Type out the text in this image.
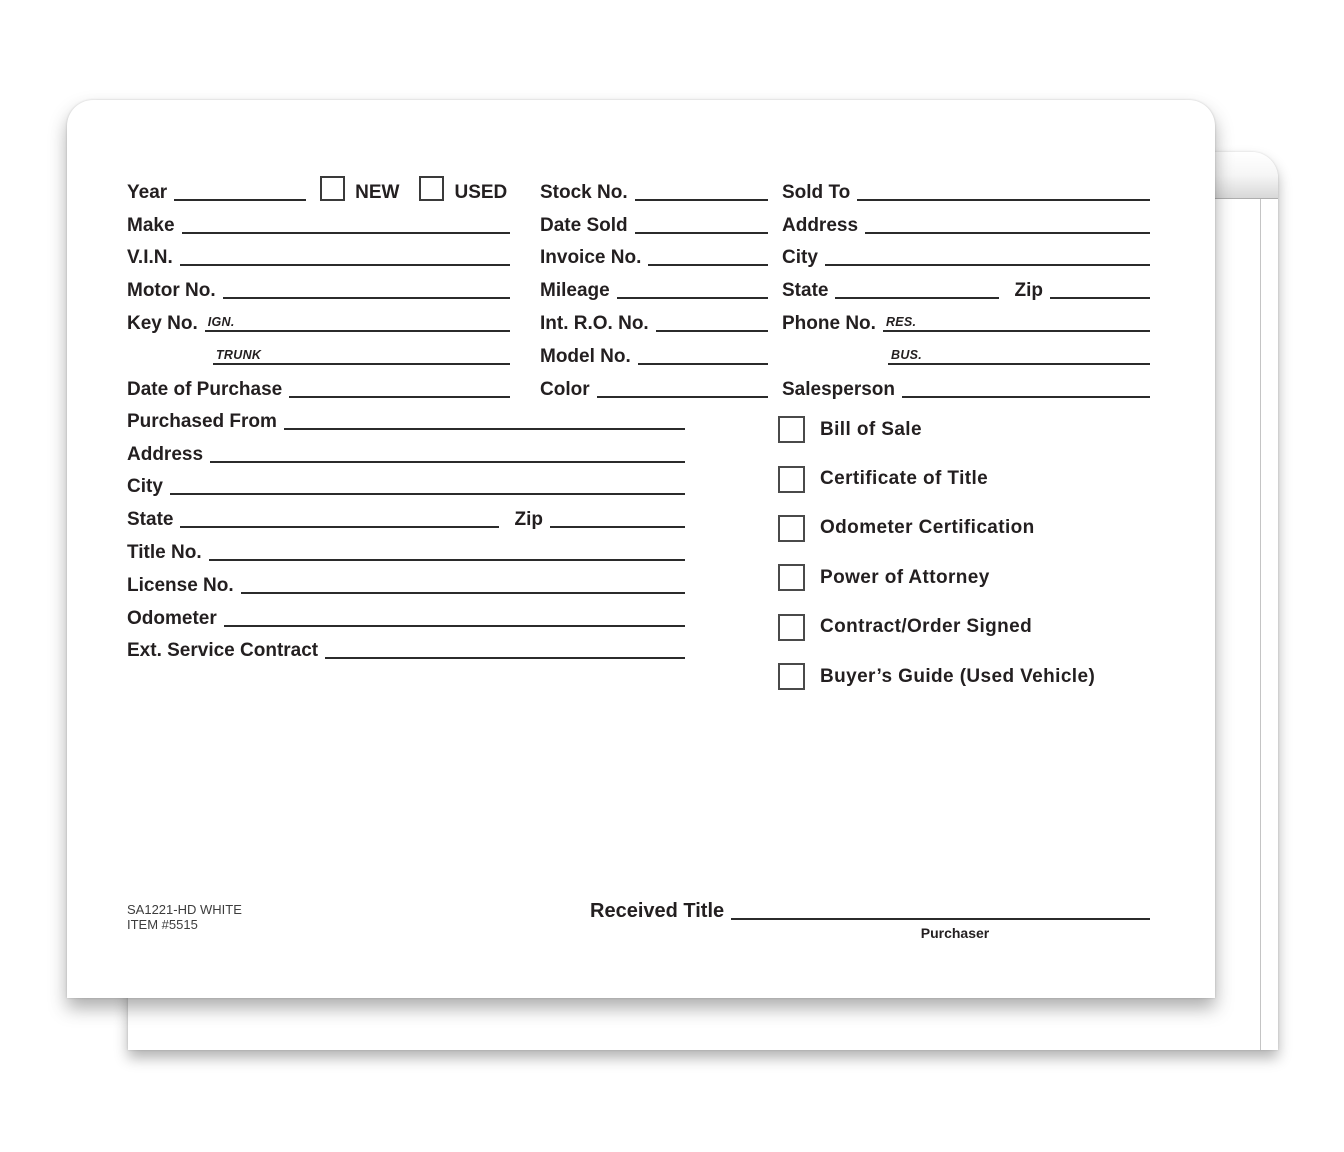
Year	NEW	USED
Make
V.I.N.
Motor No.
Key No. IGN.
TRUNK
Date of Purchase
Stock No.
Date Sold
Invoice No.
Mileage
Int. R.O. No.
Model No.
Color
Sold To
Address
City
State	Zip
Phone No. RES.
BUS.
Salesperson
Purchased From
Address
City
State	Zip
Title No.
License No.
Odometer
Ext. Service Contract
Bill of Sale
Certificate of Title
Odometer Certification
Power of Attorney
Contract/Order Signed
Buyer’s Guide (Used Vehicle)
SA1221-HD WHITE
ITEM #5515
Received Title
Purchaser
